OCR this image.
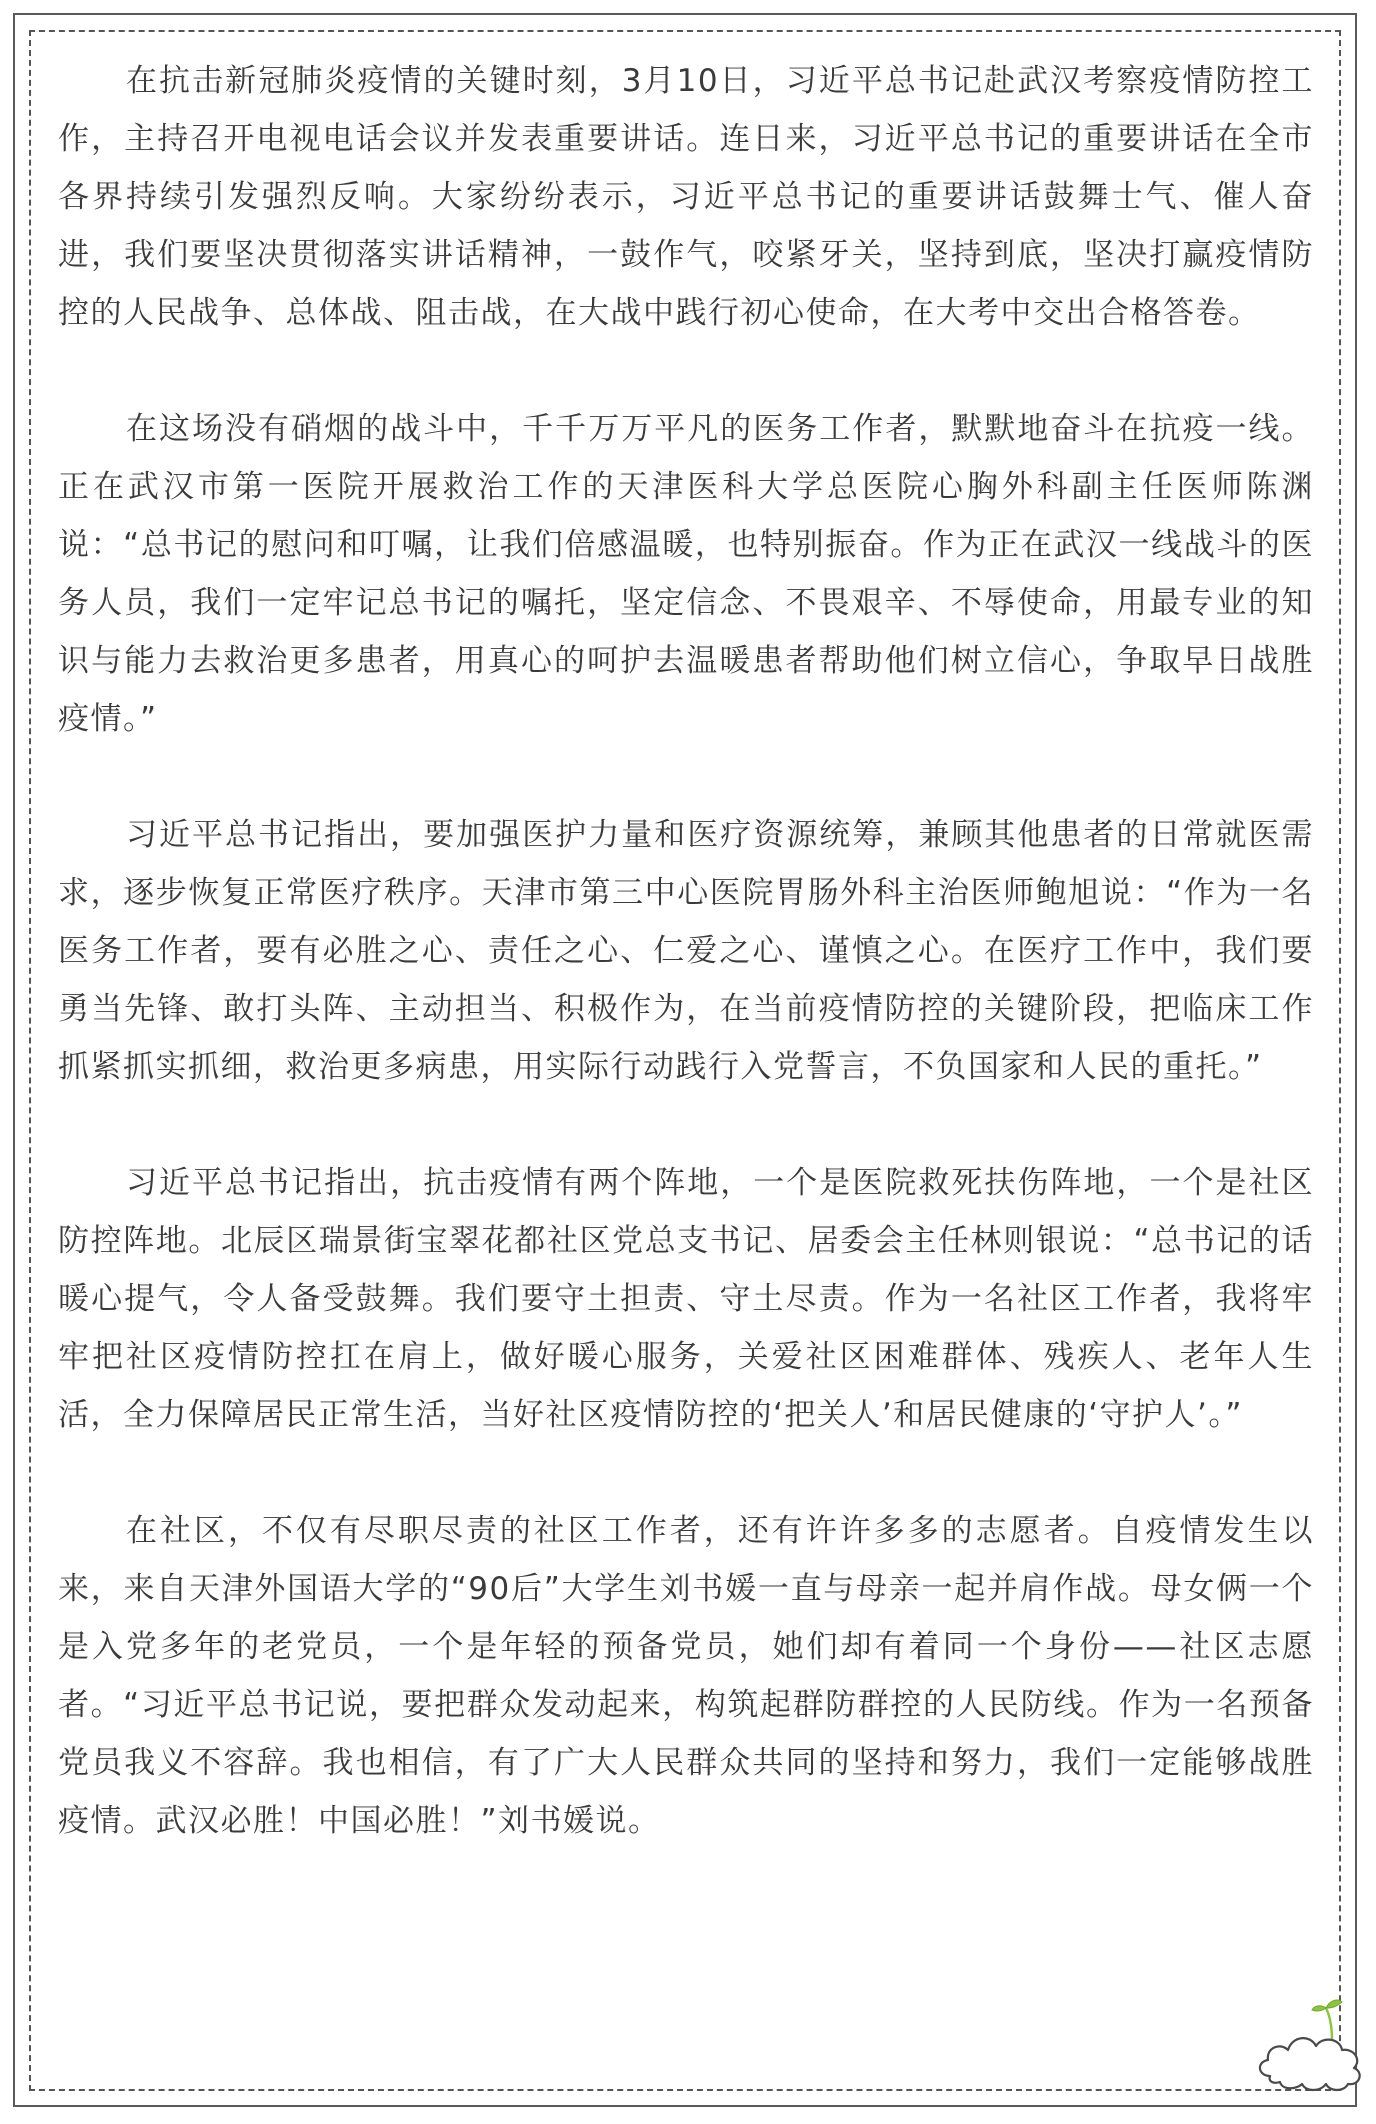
在抗击新冠肺炎疫情的关键时刻，3月10日，习近平总书记赴武汉考察疫情防控工作，主持召开电视电话会议并发表重要讲话。连日来，习近平总书记的重要讲话在全市各界持续引发强烈反响。大家纷纷表示，习近平总书记的重要讲话鼓舞士气、催人奋进，我们要坚决贯彻落实讲话精神，一鼓作气，咬紧牙关，坚持到底，坚决打赢疫情防控的人民战争、总体战、阻击战，在大战中践行初心使命，在大考中交出合格答卷。

在这场没有硝烟的战斗中，千千万万平凡的医务工作者，默默地奋斗在抗疫一线。正在武汉市第一医院开展救治工作的天津医科大学总医院心胸外科副主任医师陈渊说：“总书记的慰问和叮嘱，让我们倍感温暖，也特别振奋。作为正在武汉一线战斗的医务人员，我们一定牢记总书记的嘱托，坚定信念、不畏艰辛、不辱使命，用最专业的知识与能力去救治更多患者，用真心的呵护去温暖患者帮助他们树立信心，争取早日战胜疫情。”

习近平总书记指出，要加强医护力量和医疗资源统筹，兼顾其他患者的日常就医需求，逐步恢复正常医疗秩序。天津市第三中心医院胃肠外科主治医师鲍旭说：“作为一名医务工作者，要有必胜之心、责任之心、仁爱之心、谨慎之心。在医疗工作中，我们要勇当先锋、敢打头阵、主动担当、积极作为，在当前疫情防控的关键阶段，把临床工作抓紧抓实抓细，救治更多病患，用实际行动践行入党誓言，不负国家和人民的重托。”

习近平总书记指出，抗击疫情有两个阵地，一个是医院救死扶伤阵地，一个是社区防控阵地。北辰区瑞景街宝翠花都社区党总支书记、居委会主任林则银说：“总书记的话暖心提气，令人备受鼓舞。我们要守土担责、守土尽责。作为一名社区工作者，我将牢牢把社区疫情防控扛在肩上，做好暖心服务，关爱社区困难群体、残疾人、老年人生活，全力保障居民正常生活，当好社区疫情防控的‘把关人’和居民健康的‘守护人’。”

在社区，不仅有尽职尽责的社区工作者，还有许许多多的志愿者。自疫情发生以来，来自天津外国语大学的“90后”大学生刘书媛一直与母亲一起并肩作战。母女俩一个是入党多年的老党员，一个是年轻的预备党员，她们却有着同一个身份——社区志愿者。“习近平总书记说，要把群众发动起来，构筑起群防群控的人民防线。作为一名预备党员我义不容辞。我也相信，有了广大人民群众共同的坚持和努力，我们一定能够战胜疫情。武汉必胜！中国必胜！”刘书媛说。
